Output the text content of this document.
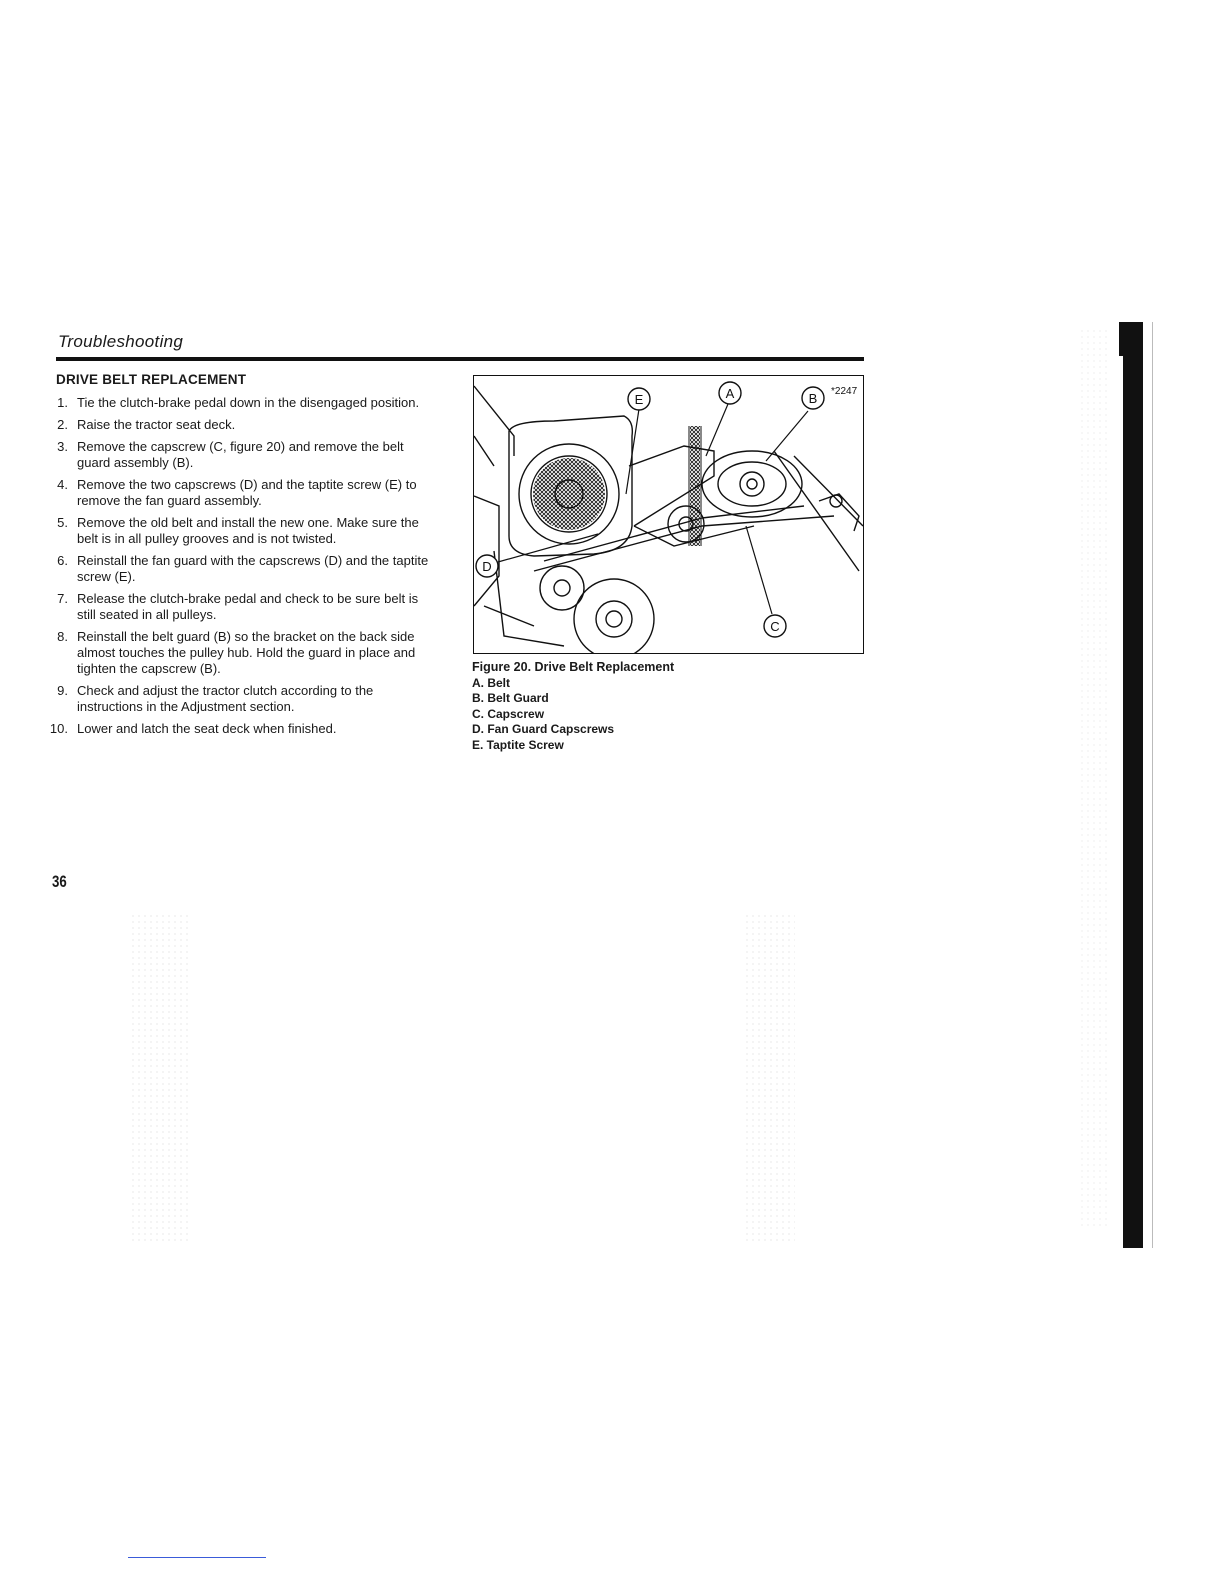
Troubleshooting
DRIVE BELT REPLACEMENT
1. Tie the clutch-brake pedal down in the disengaged position.
2. Raise the tractor seat deck.
3. Remove the capscrew (C, figure 20) and remove the belt guard assembly (B).
4. Remove the two capscrews (D) and the taptite screw (E) to remove the fan guard assembly.
5. Remove the old belt and install the new one. Make sure the belt is in all pulley grooves and is not twisted.
6. Reinstall the fan guard with the capscrews (D) and the taptite screw (E).
7. Release the clutch-brake pedal and check to be sure belt is still seated in all pulleys.
8. Reinstall the belt guard (B) so the bracket on the back side almost touches the pulley hub. Hold the guard in place and tighten the capscrew (B).
9. Check and adjust the tractor clutch according to the instructions in the Adjustment section.
10. Lower and latch the seat deck when finished.
E	A	B
C
D
*2247
Figure 20. Drive Belt Replacement
A. Belt
B. Belt Guard
C. Capscrew
D. Fan Guard Capscrews
E. Taptite Screw
36
